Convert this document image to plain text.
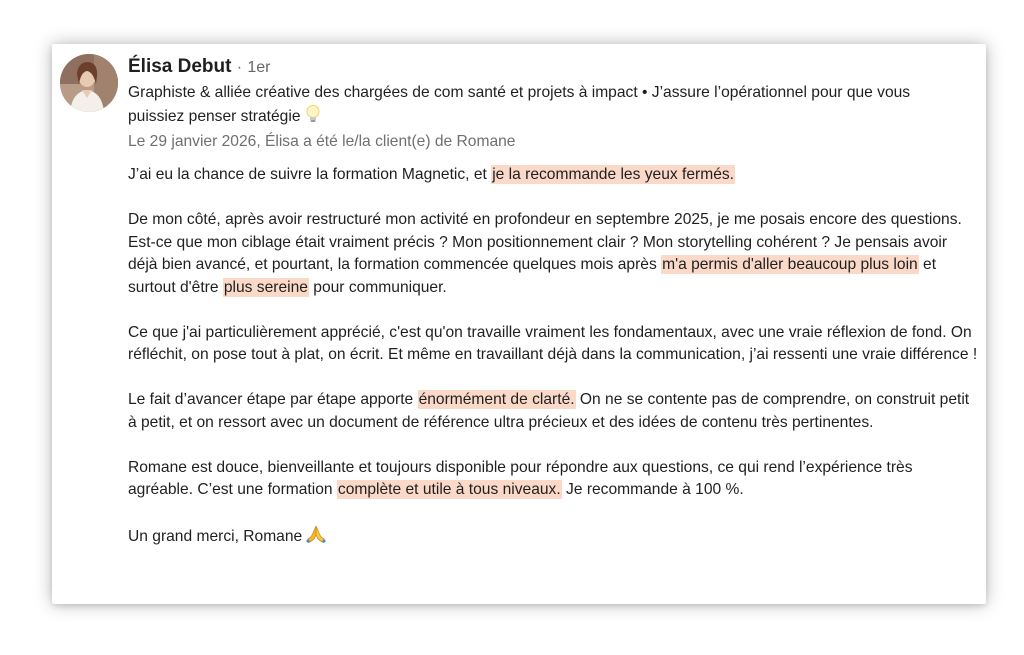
Élisa Debut · 1er
Graphiste & alliée créative des chargées de com santé et projets à impact • J’assure l’opérationnel pour que vous puissiez penser stratégie
Le 29 janvier 2026, Élisa a été le/la client(e) de Romane

J’ai eu la chance de suivre la formation Magnetic, et je la recommande les yeux fermés.

De mon côté, après avoir restructuré mon activité en profondeur en septembre 2025, je me posais encore des questions. Est-ce que mon ciblage était vraiment précis ? Mon positionnement clair ? Mon storytelling cohérent ? Je pensais avoir déjà bien avancé, et pourtant, la formation commencée quelques mois après m'a permis d'aller beaucoup plus loin et surtout d'être plus sereine pour communiquer.

Ce que j'ai particulièrement apprécié, c'est qu'on travaille vraiment les fondamentaux, avec une vraie réflexion de fond. On réfléchit, on pose tout à plat, on écrit. Et même en travaillant déjà dans la communication, j’ai ressenti une vraie différence !

Le fait d’avancer étape par étape apporte énormément de clarté. On ne se contente pas de comprendre, on construit petit à petit, et on ressort avec un document de référence ultra précieux et des idées de contenu très pertinentes.

Romane est douce, bienveillante et toujours disponible pour répondre aux questions, ce qui rend l’expérience très agréable. C’est une formation complète et utile à tous niveaux. Je recommande à 100 %.

Un grand merci, Romane
